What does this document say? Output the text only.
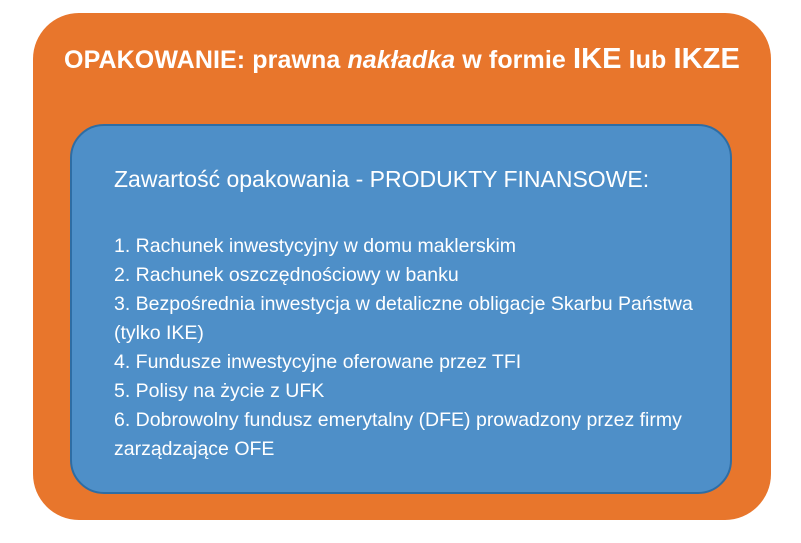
OPAKOWANIE: prawna nakładka w formie IKE lub IKZE
Zawartość opakowania - PRODUKTY FINANSOWE:
1. Rachunek inwestycyjny w domu maklerskim
2. Rachunek oszczędnościowy w banku
3. Bezpośrednia inwestycja w detaliczne obligacje Skarbu Państwa (tylko IKE)
4. Fundusze inwestycyjne oferowane przez TFI
5. Polisy na życie z UFK
6. Dobrowolny fundusz emerytalny (DFE) prowadzony przez firmy zarządzające OFE
